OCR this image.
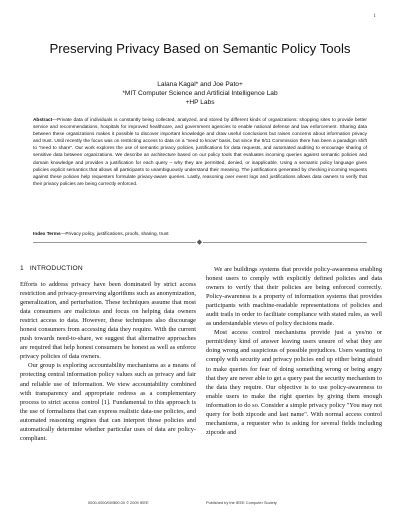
1
Preserving Privacy Based on Semantic Policy Tools
Lalana Kagal* and Joe Pato+
*MIT Computer Science and Artificial Intelligence Lab
+HP Labs
Abstract—Private data of individuals is constantly being collected, analyzed, and stored by different kinds of organizations: shopping sites to provide better service and recommendations, hospitals for improved healthcare, and government agencies to enable national defense and law enforcement. Sharing data between these organizations makes it possible to discover important knowledge and draw useful conclusions but raises concerns about information privacy and trust. Until recently the focus was on restricting access to data on a "need to know" basis, but since the 9/11 Commission there has been a paradigm shift to "need to share". Our work explores the use of semantic privacy policies, justifications for data requests, and automated auditing to encourage sharing of sensitive data between organizations. We describe an architecture based on our policy tools that evaluates incoming queries against semantic policies and domain knowledge and provides a justification for each query – why they are permitted, denied, or inapplicable. Using a semantic policy language gives policies explicit semantics that allows all participants to unambiguously understand their meaning. The justifications generated by checking incoming requests against these policies help requesters formulate privacy-aware queries. Lastly, reasoning over event logs and justifications allows data owners to verify that their privacy policies are being correctly enforced.
Index Terms—Privacy policy, justifications, proofs, sharing, trust
◆
1 INTRODUCTION

Efforts to address privacy have been dominated by strict access restriction and privacy-preserving algorithms such as anonymization, generalization, and perturbation. These techniques assume that most data consumers are malicious and focus on helping data owners restrict access to data. However, these techniques also discourage honest consumers from accessing data they require. With the current push towards need-to-share, we suggest that alternative approaches are required that help honest consumers be honest as well as enforce privacy policies of data owners.

Our group is exploring accountability mechanisms as a means of protecting central information policy values such as privacy and fair and reliable use of information. We view accountability combined with transparency and appropriate redress as a complementary process to strict access control [1]. Fundamental to this approach is the use of formalisms that can express realistic data-use policies, and automated reasoning engines that can interpret those policies and automatically determine whether particular uses of data are policy-compliant.

We are buildings systems that provide policy-awareness enabling honest users to comply with explicitly defined policies and data owners to verify that their policies are being enforced correctly. Policy-awareness is a property of information systems that provides participants with machine-readable representations of policies and audit trails in order to facilitate compliance with stated rules, as well as understandable views of policy decisions made.

Most access control mechanisms provide just a yes/no or permit/deny kind of answer leaving users unsure of what they are doing wrong and suspicious of possible prejudices. Users wanting to comply with security and privacy policies end up either being afraid to make queries for fear of doing something wrong or being angry that they are never able to get a query past the security mechanism to the data they require. Our objective is to use policy-awareness to enable users to make the right queries by giving them enough information to do so. Consider a simple privacy policy "You may not query for both zipcode and last name". With normal access control mechanisms, a requester who is asking for several fields including zipcode and

0000-0000/00/$00.00 © 2009 IEEE	Published by the IEEE Computer Society
